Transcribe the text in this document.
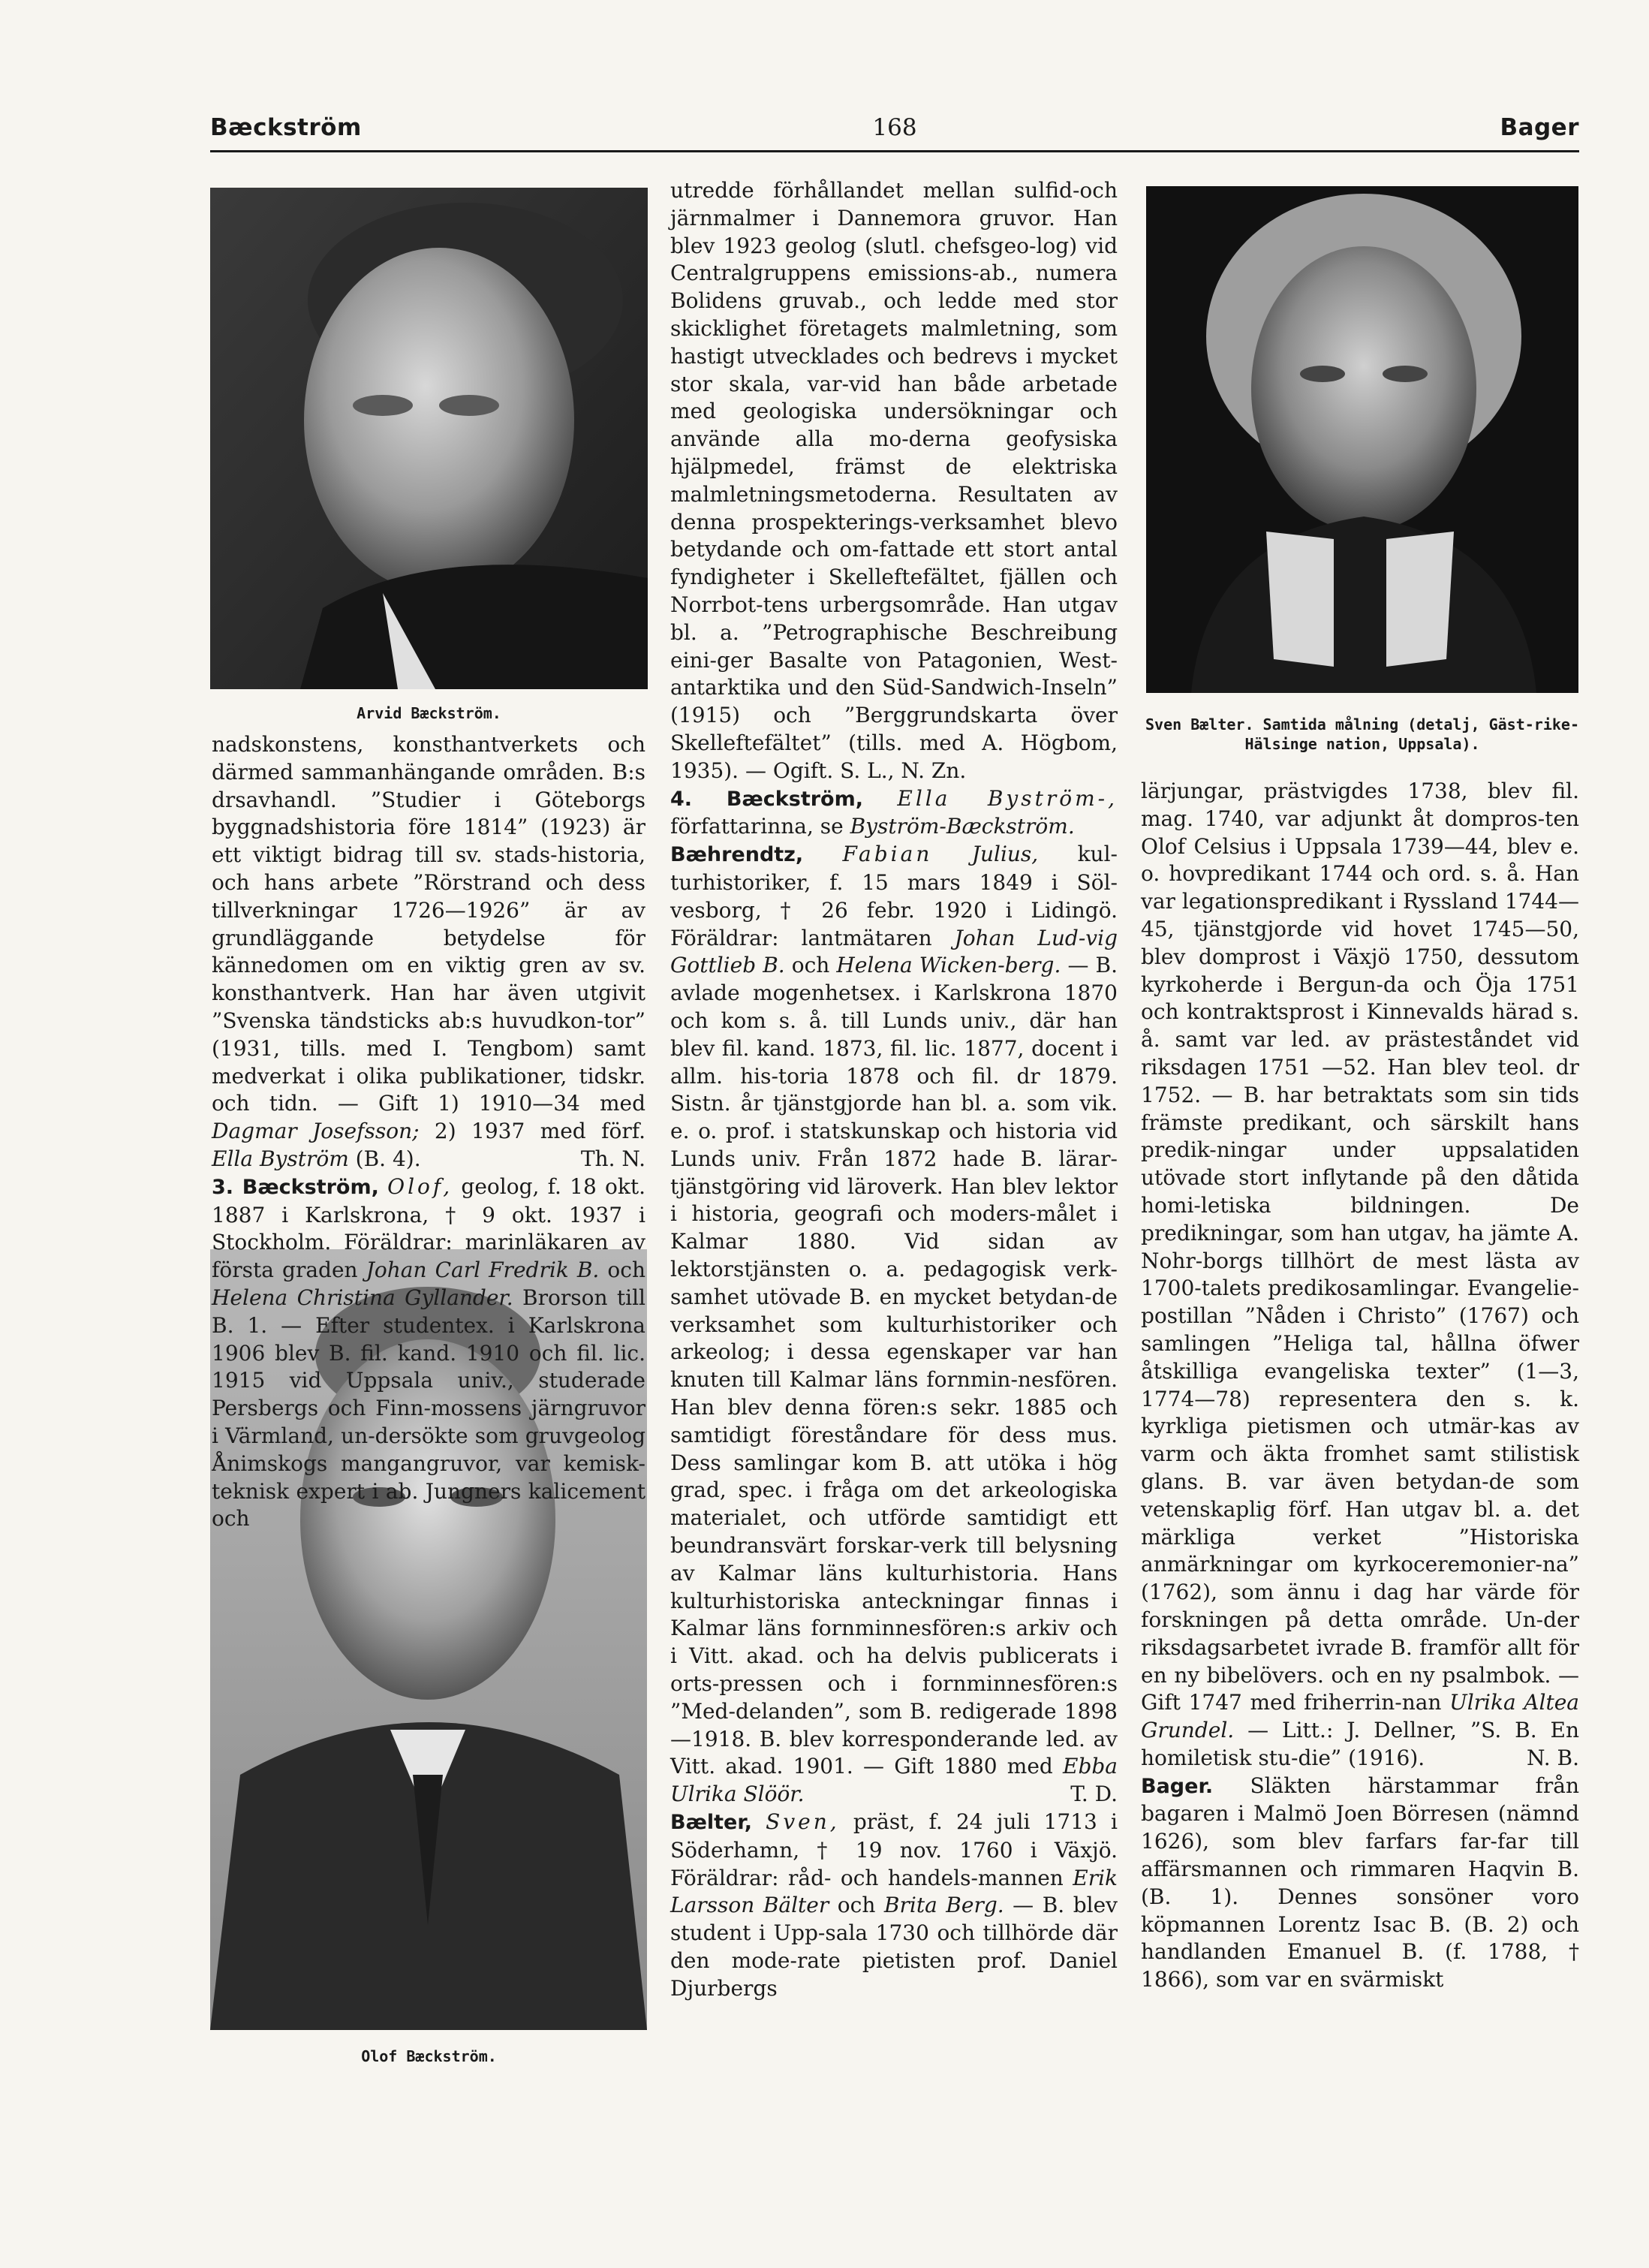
Bæckström	168	Bager
Arvid Bæckström.
Olof Bæckström.
Sven Bælter. Samtida målning (detalj, Gäst-rike-Hälsinge nation, Uppsala).

nadskonstens, konsthantverkets och därmed sammanhängande områden. B:s drsavhandl. ”Studier i Göteborgs byggnadshistoria före 1814” (1923) är ett viktigt bidrag till sv. stads-historia, och hans arbete ”Rörstrand och dess tillverkningar 1726—1926” är av grundläggande betydelse för kännedomen om en viktig gren av sv. konsthantverk. Han har även utgivit ”Svenska tändsticks ab:s huvudkon-tor” (1931, tills. med I. Tengbom) samt medverkat i olika publikationer, tidskr. och tidn. — Gift 1) 1910—34 med Dagmar Josefsson; 2) 1937 med förf. Ella Byström (B. 4).	Th. N.

3. Bæckström, Olof, geolog, f. 18 okt. 1887 i Karlskrona, † 9 okt. 1937 i Stockholm. Föräldrar: marinläkaren av första graden Johan Carl Fredrik B. och Helena Christina Gyllander. Brorson till B. 1. — Efter studentex. i Karlskrona 1906 blev B. fil. kand. 1910 och fil. lic. 1915 vid Uppsala univ., studerade Persbergs och Finn-mossens järngruvor i Värmland, un-dersökte som gruvgeolog Ånimskogs mangangruvor, var kemisk-teknisk expert i ab. Jungners kalicement och

utredde förhållandet mellan sulfid-och järnmalmer i Dannemora gruvor. Han blev 1923 geolog (slutl. chefsgeo-log) vid Centralgruppens emissions-ab., numera Bolidens gruvab., och ledde med stor skicklighet företagets malmletning, som hastigt utvecklades och bedrevs i mycket stor skala, var-vid han både arbetade med geologiska undersökningar och använde alla mo-derna geofysiska hjälpmedel, främst de elektriska malmletningsmetoderna. Resultaten av denna prospekterings-verksamhet blevo betydande och om-fattade ett stort antal fyndigheter i Skelleftefältet, fjällen och Norrbot-tens urbergsområde. Han utgav bl. a. ”Petrographische Beschreibung eini-ger Basalte von Patagonien, West-antarktika und den Süd-Sandwich-Inseln” (1915) och ”Berggrundskarta över Skelleftefältet” (tills. med A. Högbom, 1935). — Ogift. S. L., N. Zn.

4. Bæckström, Ella Byström-, författarinna, se Byström-Bæckström.

Bæhrendtz, Fabian Julius, kul-turhistoriker, f. 15 mars 1849 i Söl-vesborg, † 26 febr. 1920 i Lidingö. Föräldrar: lantmätaren Johan Lud-vig Gottlieb B. och Helena Wicken-berg. — B. avlade mogenhetsex. i Karlskrona 1870 och kom s. å. till Lunds univ., där han blev fil. kand. 1873, fil. lic. 1877, docent i allm. his-toria 1878 och fil. dr 1879. Sistn. år tjänstgjorde han bl. a. som vik. e. o. prof. i statskunskap och historia vid Lunds univ. Från 1872 hade B. lärar-tjänstgöring vid läroverk. Han blev lektor i historia, geografi och moders-målet i Kalmar 1880. Vid sidan av lektorstjänsten o. a. pedagogisk verk-samhet utövade B. en mycket betydan-de verksamhet som kulturhistoriker och arkeolog; i dessa egenskaper var han knuten till Kalmar läns fornmin-nesfören. Han blev denna fören:s sekr. 1885 och samtidigt föreståndare för dess mus. Dess samlingar kom B. att utöka i hög grad, spec. i fråga om det arkeologiska materialet, och utförde samtidigt ett beundransvärt forskar-verk till belysning av Kalmar läns kulturhistoria. Hans kulturhistoriska anteckningar finnas i Kalmar läns fornminnesfören:s arkiv och i Vitt. akad. och ha delvis publicerats i orts-pressen och i fornminnesfören:s ”Med-delanden”, som B. redigerade 1898—1918. B. blev korresponderande led. av Vitt. akad. 1901. — Gift 1880 med Ebba Ulrika Slöör.	T. D.

Bælter, Sven, präst, f. 24 juli 1713 i Söderhamn, † 19 nov. 1760 i Växjö. Föräldrar: råd- och handels-mannen Erik Larsson Bälter och Brita Berg. — B. blev student i Upp-sala 1730 och tillhörde där den mode-rate pietisten prof. Daniel Djurbergs

lärjungar, prästvigdes 1738, blev fil. mag. 1740, var adjunkt åt dompros-ten Olof Celsius i Uppsala 1739—44, blev e. o. hovpredikant 1744 och ord. s. å. Han var legationspredikant i Ryssland 1744—45, tjänstgjorde vid hovet 1745—50, blev domprost i Växjö 1750, dessutom kyrkoherde i Bergun-da och Öja 1751 och kontraktsprost i Kinnevalds härad s. å. samt var led. av prästeståndet vid riksdagen 1751 —52. Han blev teol. dr 1752. — B. har betraktats som sin tids främste predikant, och särskilt hans predik-ningar under uppsalatiden utövade stort inflytande på den dåtida homi-letiska bildningen. De predikningar, som han utgav, ha jämte A. Nohr-borgs tillhört de mest lästa av 1700-talets predikosamlingar. Evangelie-postillan ”Nåden i Christo” (1767) och samlingen ”Heliga tal, hållna öfwer åtskilliga evangeliska texter” (1—3, 1774—78) representera den s. k. kyrkliga pietismen och utmär-kas av varm och äkta fromhet samt stilistisk glans. B. var även betydan-de som vetenskaplig förf. Han utgav bl. a. det märkliga verket ”Historiska anmärkningar om kyrkoceremonier-na” (1762), som ännu i dag har värde för forskningen på detta område. Un-der riksdagsarbetet ivrade B. framför allt för en ny bibelövers. och en ny psalmbok. — Gift 1747 med friherrin-nan Ulrika Altea Grundel. — Litt.: J. Dellner, ”S. B. En homiletisk stu-die” (1916).	N. B.

Bager. Släkten härstammar från bagaren i Malmö Joen Börresen (nämnd 1626), som blev farfars far-far till affärsmannen och rimmaren Haqvin B. (B. 1). Dennes sonsöner voro köpmannen Lorentz Isac B. (B. 2) och handlanden Emanuel B. (f. 1788, † 1866), som var en svärmiskt
